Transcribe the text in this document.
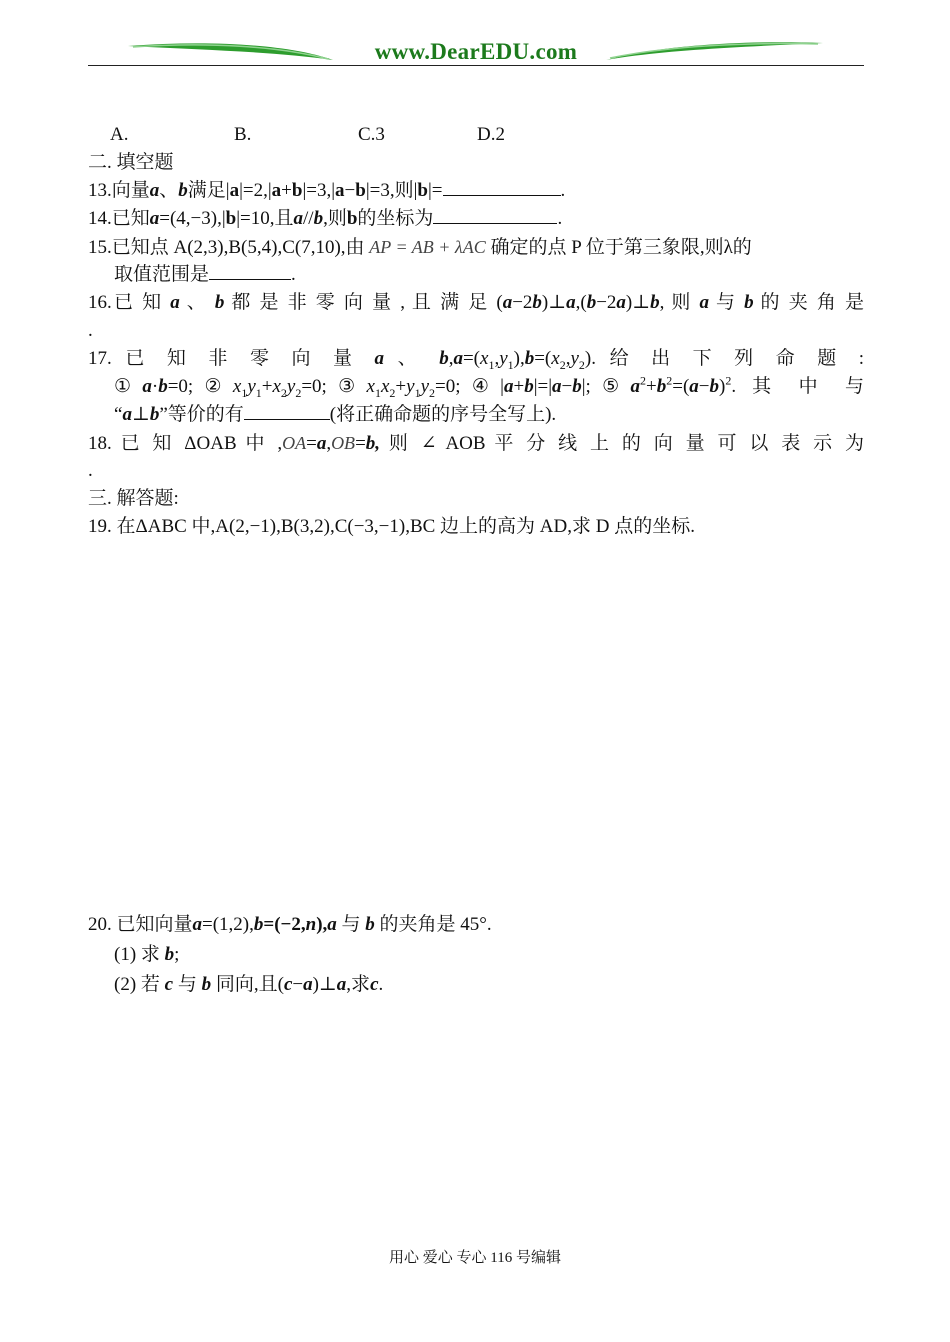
www.DearEDU.com
A.	B.	C.3	D.2
二. 填空题
13.向量a、b满足|a|=2,|a+b|=3,|a−b|=3,则|b|=	.
14.已知a=(4,−3),|b|=10,且a//b,则b的坐标为	.
15.已知点 A(2,3),B(5,4),C(7,10),由 AP = AB + λAC 确定的点 P 位于第三象限,则λ的
取值范围是	.
16.已 知 a 、 b 都 是 非 零 向 量 , 且 满 足 (a−2b)⊥a,(b−2a)⊥b, 则 a 与 b 的 夹 角 是
.
17. 已 知 非 零 向 量 a 、 $b,a=(x_1,y_1),b=(x_2,y_2)$. 给 出 下 列 命 题 :
$①a\cdot b=0;②x_1y_1+x_2y_2=0;③x_1x_2+y_1y_2=0;④|a+b|=|a-b|;⑤a^2+b^2=(a-b)^2$. 其 中 与
“a⊥b”等价的有	(将正确命题的序号全写上).
18. 已 知 ΔOAB 中 ,OA=a,OB=b, 则 ∠ AOB 平 分 线 上 的 向 量 可 以 表 示 为
.
三. 解答题:
19. 在ΔABC 中,A(2,−1),B(3,2),C(−3,−1),BC 边上的高为 AD,求 D 点的坐标.
20. 已知向量a=(1,2),b=(−2,n),a 与 b 的夹角是 45°.
(1) 求 b;
(2) 若 c 与 b 同向,且(c−a)⊥a,求c.
用心 爱心 专心 116 号编辑
